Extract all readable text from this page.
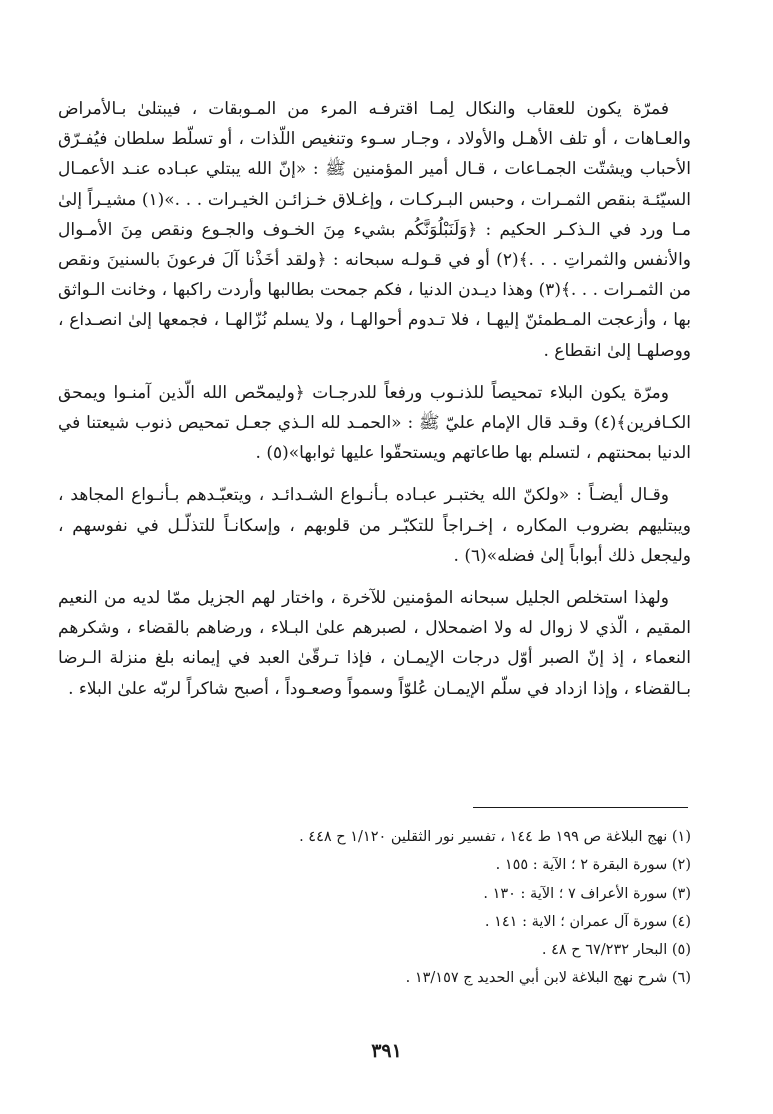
فمرّة يكون للعقاب والنكال لِمـا اقترفـه المرء من المـوبقات ، فيبتلىٰ بـالأمراض والعـاهات ، أو تلف الأهـل والأولاد ، وجـار سـوء وتنغيص اللّذات ، أو تسلّط سلطان فيُفـرّق الأحباب ويشتّت الجمـاعات ، قـال أمير المؤمنين ﷺ : «إنّ الله يبتلي عبـاده عنـد الأعمـال السيّئـة بنقص الثمـرات ، وحبس البـركـات ، وإغـلاق خـزائـن الخيـرات . . .»(١) مشيـراً إلىٰ مـا ورد في الـذكـر الحكيم : ﴿وَلَنَبْلُوَنَّكُم بشيء مِنَ الخـوف والجـوع ونقص مِنَ الأمـوال والأنفس والثمراتِ . . .﴾(٢) أو في قـولـه سبحانه : ﴿ولقد أخَذْنا آلَ فرعونَ بالسنينَ ونقص من الثمـرات . . .﴾(٣) وهذا ديـدن الدنيا ، فكم جمحت بطالبها وأردت راكبها ، وخانت الـواثق بها ، وأزعجت المـطمئنّ إليهـا ، فلا تـدوم أحوالهـا ، ولا يسلم نُزّالهـا ، فجمعها إلىٰ انصـداع ، ووصلهـا إلىٰ انقطاع .

ومرّة يكون البلاء تمحيصاً للذنـوب ورفعاً للدرجـات ﴿وليمحّص الله الّذين آمنـوا ويمحق الكـافرين﴾(٤) وقـد قال الإمام عليّ ﷺ : «الحمـد لله الـذي جعـل تمحيص ذنوب شيعتنا في الدنيا بمحنتهم ، لتسلم بها طاعاتهم ويستحقّوا عليها ثوابها»(٥) .

وقـال أيضـاً : «ولكنّ الله يختبـر عبـاده بـأنـواع الشـدائـد ، ويتعبّـدهم بـأنـواع المجاهد ، ويبتليهم بضروب المكاره ، إخـراجاً للتكبّـر من قلوبهم ، وإسكانـاً للتذلّـل في نفوسهم ، وليجعل ذلك أبواباً إلىٰ فضله»(٦) .

ولهذا استخلص الجليل سبحانه المؤمنين للآخرة ، واختار لهم الجزيل ممّا لديه من النعيم المقيم ، الّذي لا زوال له ولا اضمحلال ، لصبرهم علىٰ البـلاء ، ورضاهم بالقضاء ، وشكرهم النعماء ، إذ إنّ الصبر أوّل درجات الإيمـان ، فإذا تـرقّىٰ العبد في إيمانه بلغ منزلة الـرضا بـالقضاء ، وإذا ازداد في سلّم الإيمـان عُلوّاً وسمواً وصعـوداً ، أصبح شاكراً لربّه علىٰ البلاء .

(١) نهج البلاغة ص ١٩٩ ط ١٤٤ ، تفسير نور الثقلين ١/١٢٠ ح ٤٤٨ .
(٢) سورة البقرة ٢ ؛ الآية : ١٥٥ .
(٣) سورة الأعراف ٧ ؛ الآية : ١٣٠ .
(٤) سورة آل عمران ؛ الاية : ١٤١ .
(٥) البحار ٦٧/٢٣٢ ح ٤٨ .
(٦) شرح نهج البلاغة لابن أبي الحديد ج ١٣/١٥٧ .
٣٩١
